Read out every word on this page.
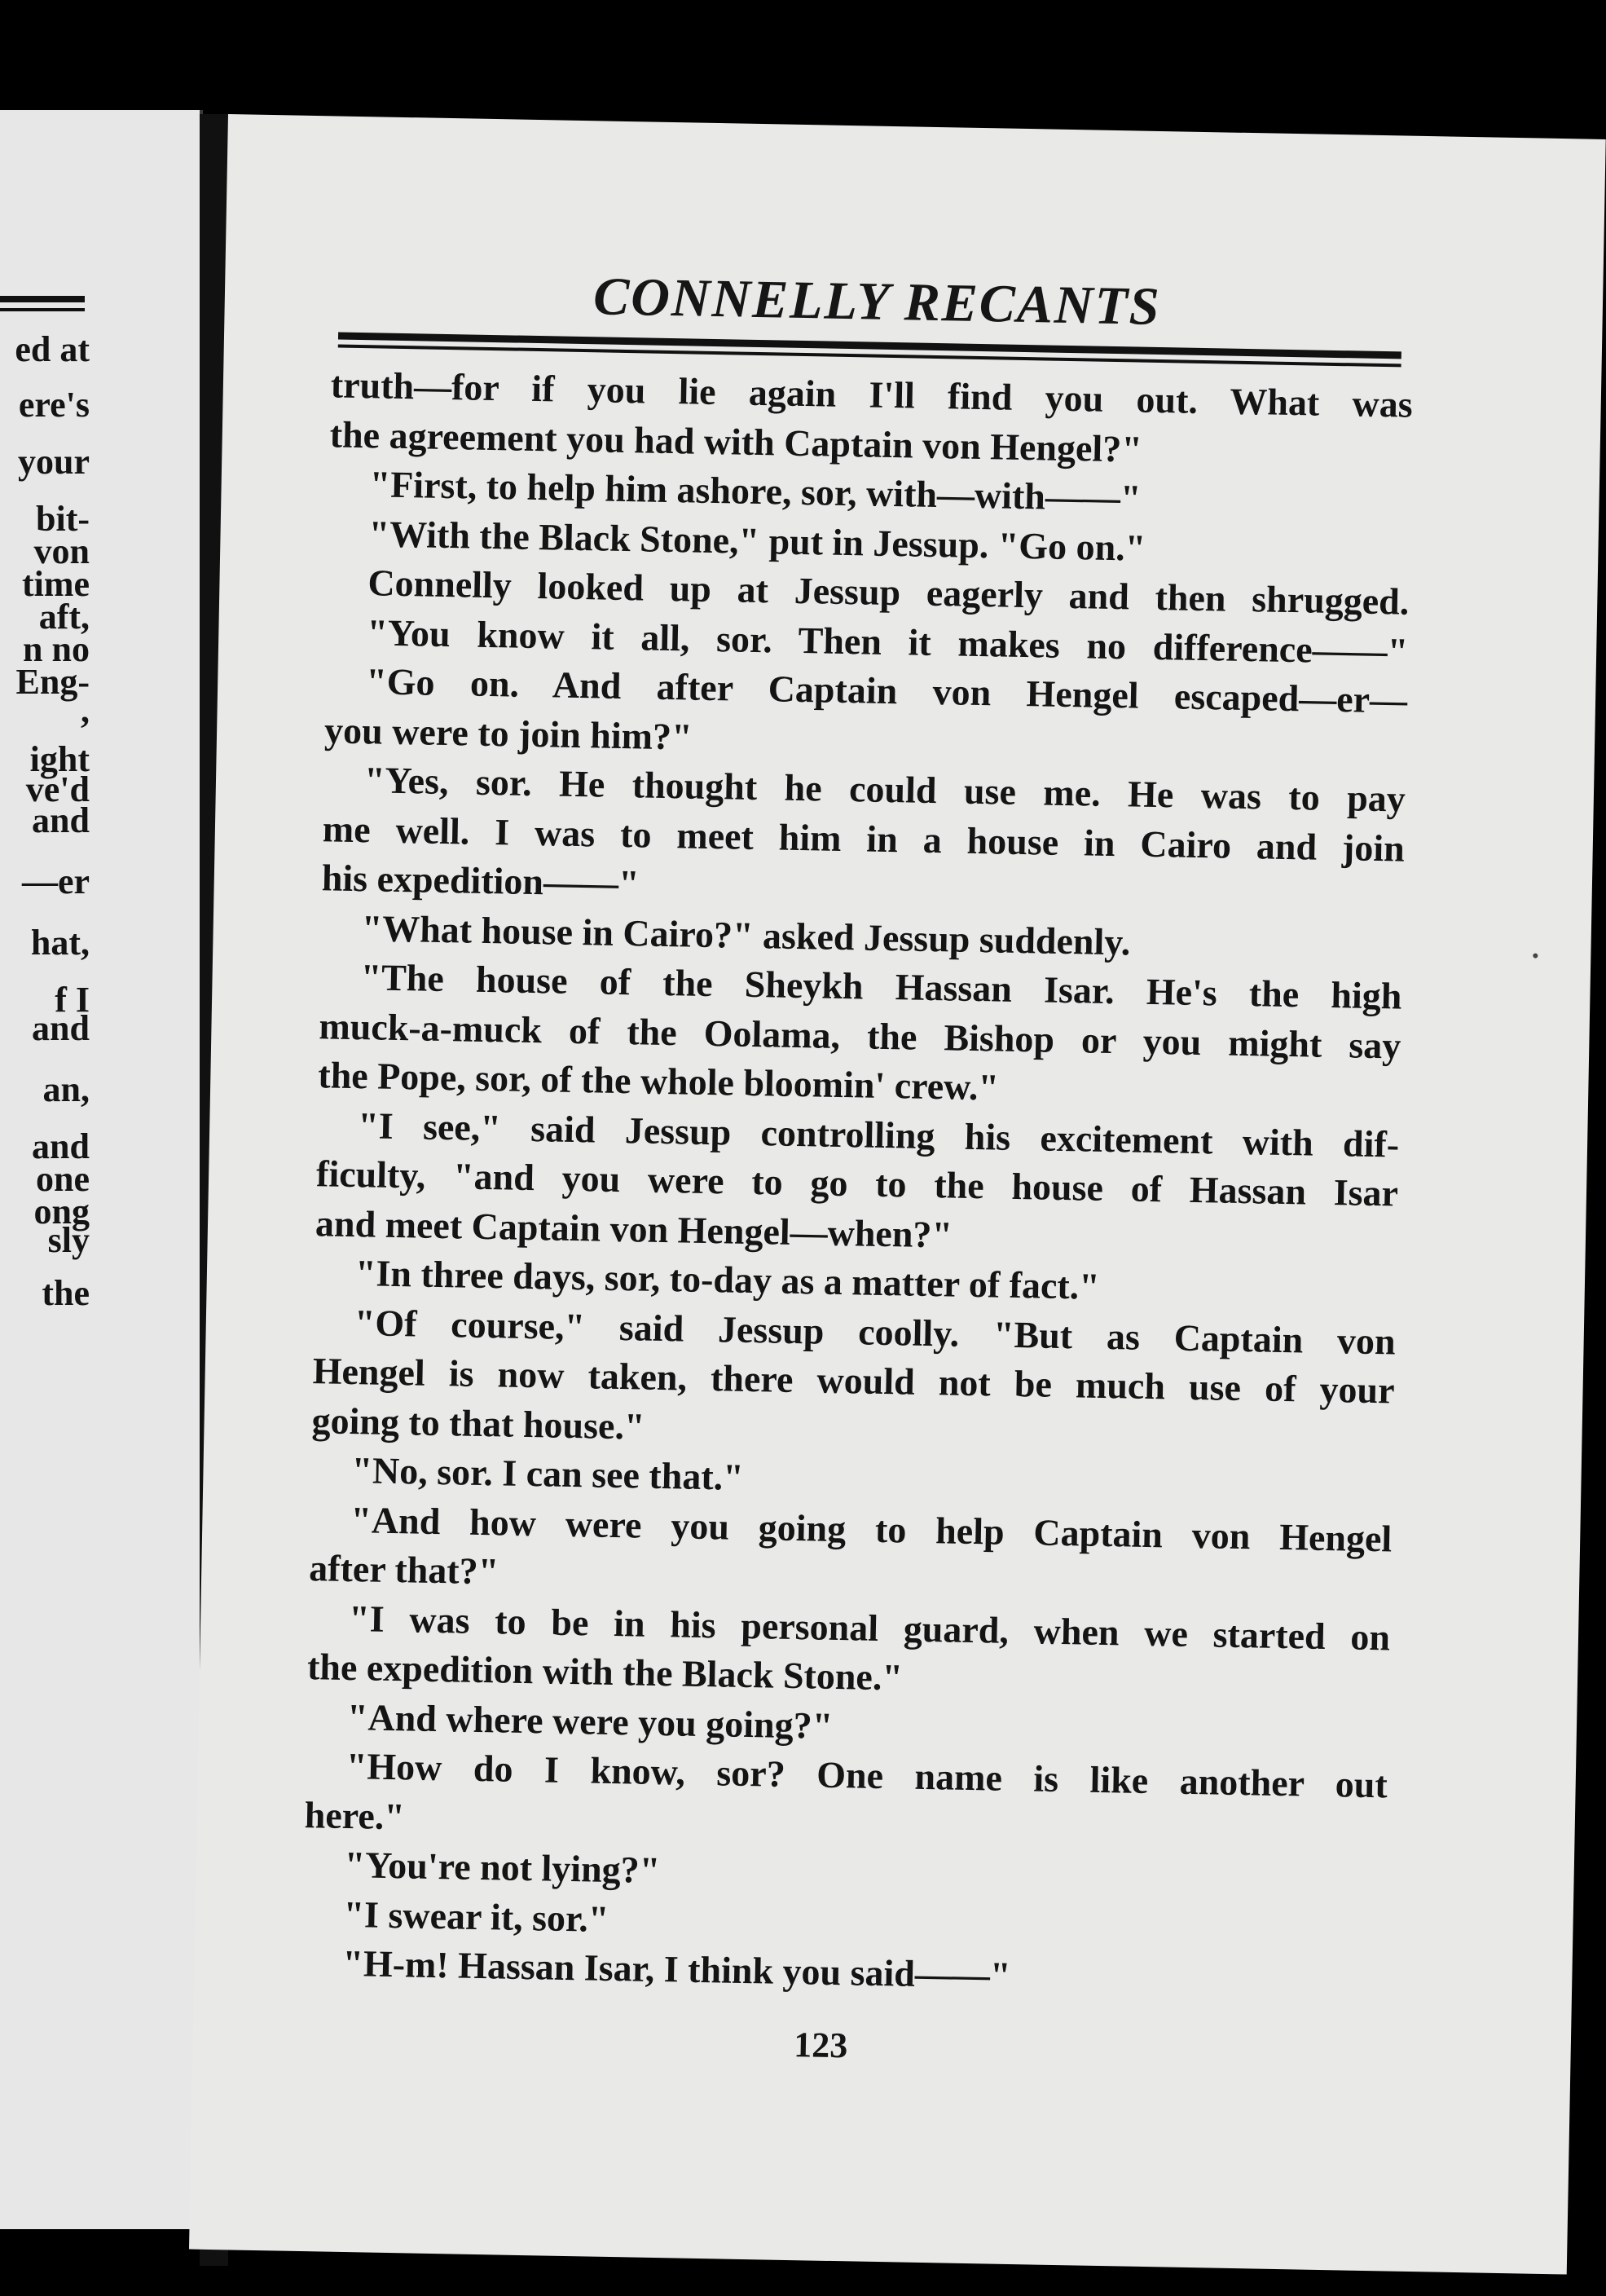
ed at
ere's
your
bit-
von
time
aft,
n no
Eng-
,
ight
ve'd
and
—er
hat,
f I
and
an,
and
one
ong
sly
the
CONNELLY RECANTS
truth—for if you lie again I'll find you out. What was
the agreement you had with Captain von Hengel?"
"First, to help him ashore, sor, with—with——"
"With the Black Stone," put in Jessup. "Go on."
Connelly looked up at Jessup eagerly and then shrugged.
"You know it all, sor. Then it makes no difference——"
"Go on. And after Captain von Hengel escaped—er—
you were to join him?"
"Yes, sor. He thought he could use me. He was to pay
me well. I was to meet him in a house in Cairo and join
his expedition——"
"What house in Cairo?" asked Jessup suddenly.
"The house of the Sheykh Hassan Isar. He's the high
muck-a-muck of the Oolama, the Bishop or you might say
the Pope, sor, of the whole bloomin' crew."
"I see," said Jessup controlling his excitement with dif-
ficulty, "and you were to go to the house of Hassan Isar
and meet Captain von Hengel—when?"
"In three days, sor, to-day as a matter of fact."
"Of course," said Jessup coolly. "But as Captain von
Hengel is now taken, there would not be much use of your
going to that house."
"No, sor. I can see that."
"And how were you going to help Captain von Hengel
after that?"
"I was to be in his personal guard, when we started on
the expedition with the Black Stone."
"And where were you going?"
"How do I know, sor? One name is like another out
here."
"You're not lying?"
"I swear it, sor."
"H-m! Hassan Isar, I think you said——"
123
